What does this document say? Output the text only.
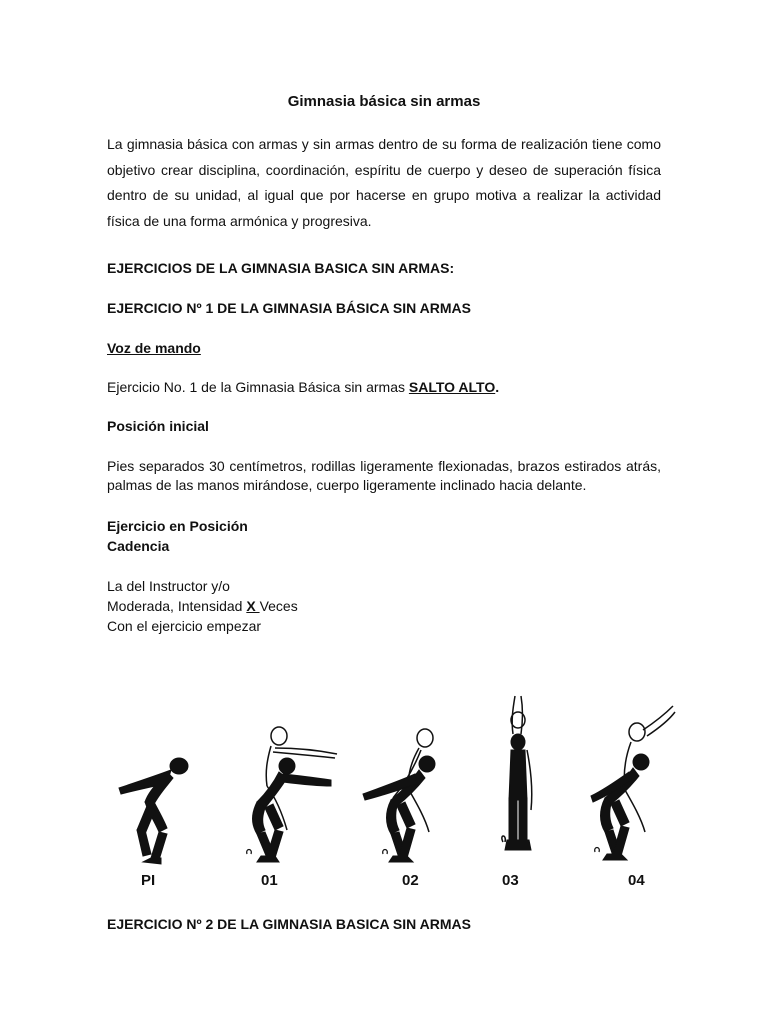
Gimnasia básica sin armas
La gimnasia básica con armas y sin armas dentro de su forma de realización tiene como objetivo crear disciplina, coordinación, espíritu de cuerpo y deseo de superación física dentro de su unidad, al igual que por hacerse en grupo motiva a realizar la actividad física de una forma armónica y progresiva.
EJERCICIOS DE LA GIMNASIA BASICA SIN ARMAS:
EJERCICIO Nº 1 DE LA GIMNASIA BÁSICA SIN ARMAS
Voz de mando
Ejercicio No. 1 de la Gimnasia Básica sin armas SALTO ALTO.
Posición inicial
Pies separados 30 centímetros, rodillas ligeramente flexionadas, brazos estirados atrás, palmas de las manos mirándose, cuerpo ligeramente inclinado hacia delante.
Ejercicio en Posición
Cadencia
La del Instructor y/o
Moderada, Intensidad X Veces
Con el ejercicio empezar
PI	01	02	03	04
EJERCICIO Nº 2 DE LA GIMNASIA BASICA SIN ARMAS
